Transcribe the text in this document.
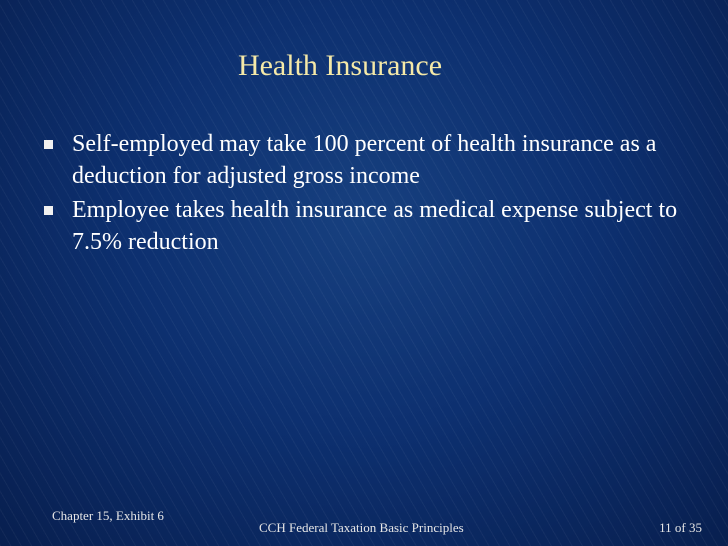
Health Insurance
Self-employed may take 100 percent of health insurance as a deduction for adjusted gross income
Employee takes health insurance as medical expense subject to 7.5% reduction
Chapter 15, Exhibit 6
CCH Federal Taxation Basic Principles	11 of 35
